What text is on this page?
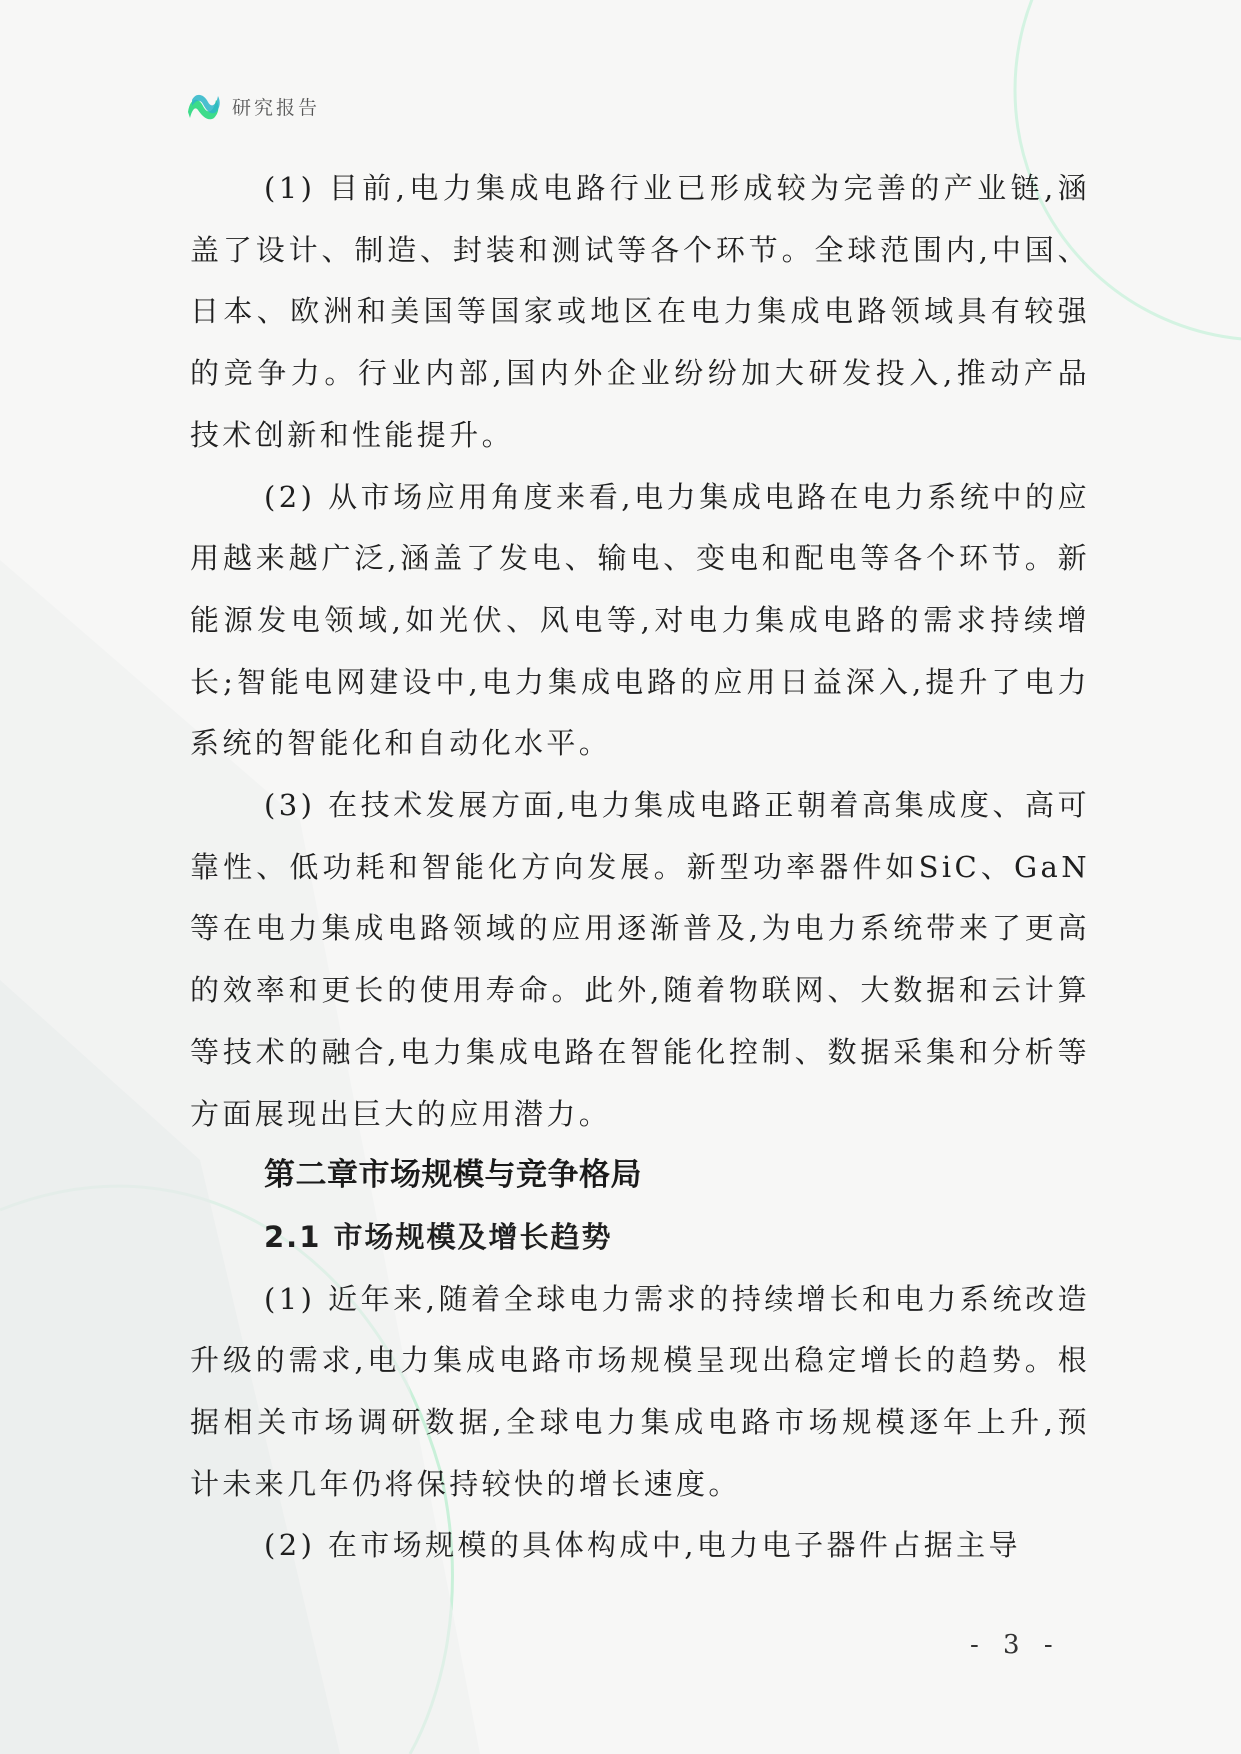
研究报告

(1) 目前,电力集成电路行业已形成较为完善的产业链,涵盖了设计、制造、封装和测试等各个环节。全球范围内,中国、日本、欧洲和美国等国家或地区在电力集成电路领域具有较强的竞争力。行业内部,国内外企业纷纷加大研发投入,推动产品技术创新和性能提升。

(2) 从市场应用角度来看,电力集成电路在电力系统中的应用越来越广泛,涵盖了发电、输电、变电和配电等各个环节。新能源发电领域,如光伏、风电等,对电力集成电路的需求持续增长;智能电网建设中,电力集成电路的应用日益深入,提升了电力系统的智能化和自动化水平。

(3) 在技术发展方面,电力集成电路正朝着高集成度、高可靠性、低功耗和智能化方向发展。新型功率器件如SiC、GaN等在电力集成电路领域的应用逐渐普及,为电力系统带来了更高的效率和更长的使用寿命。此外,随着物联网、大数据和云计算等技术的融合,电力集成电路在智能化控制、数据采集和分析等方面展现出巨大的应用潜力。

第二章市场规模与竞争格局
2.1 市场规模及增长趋势

(1) 近年来,随着全球电力需求的持续增长和电力系统改造升级的需求,电力集成电路市场规模呈现出稳定增长的趋势。根据相关市场调研数据,全球电力集成电路市场规模逐年上升,预计未来几年仍将保持较快的增长速度。

(2) 在市场规模的具体构成中,电力电子器件占据主导

- 3 -
